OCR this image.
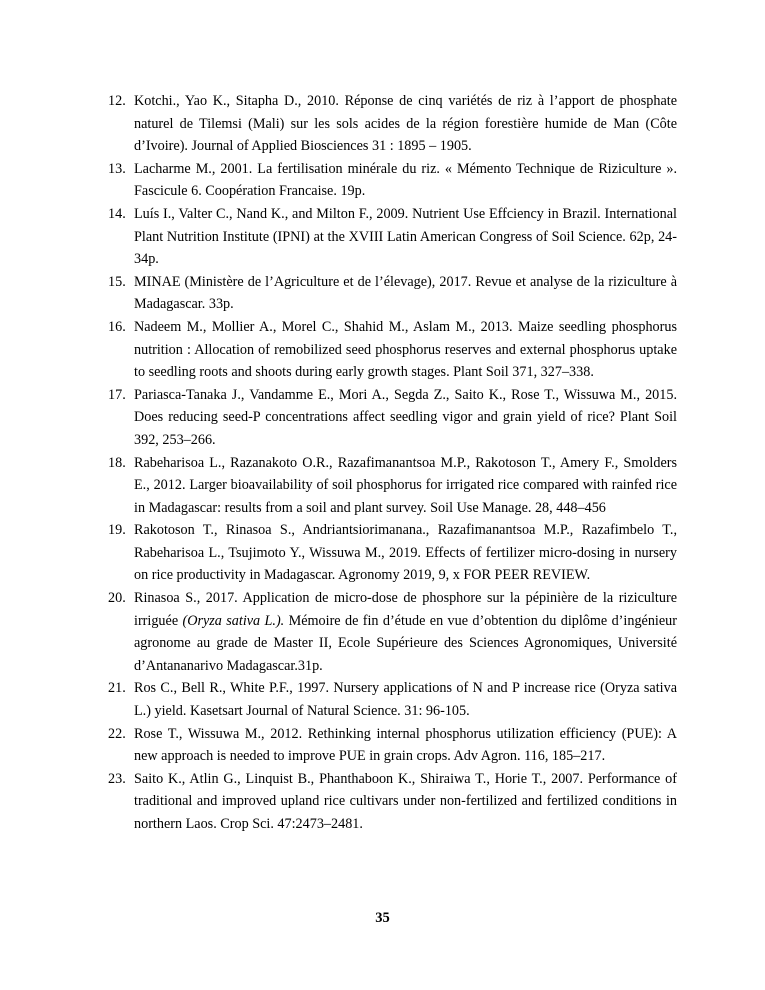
12. Kotchi., Yao K., Sitapha D., 2010. Réponse de cinq variétés de riz à l’apport de phosphate naturel de Tilemsi (Mali) sur les sols acides de la région forestière humide de Man (Côte d’Ivoire). Journal of Applied Biosciences 31 : 1895 – 1905.
13. Lacharme M., 2001. La fertilisation minérale du riz. « Mémento Technique de Riziculture ». Fascicule 6. Coopération Francaise. 19p.
14. Luís I., Valter C., Nand K., and Milton F., 2009. Nutrient Use Effciency in Brazil. International Plant Nutrition Institute (IPNI) at the XVIII Latin American Congress of Soil Science. 62p, 24- 34p.
15. MINAE (Ministère de l’Agriculture et de l’élevage), 2017. Revue et analyse de la riziculture à Madagascar. 33p.
16. Nadeem M., Mollier A., Morel C., Shahid M., Aslam M., 2013. Maize seedling phosphorus nutrition : Allocation of remobilized seed phosphorus reserves and external phosphorus uptake to seedling roots and shoots during early growth stages. Plant Soil 371, 327–338.
17. Pariasca-Tanaka J., Vandamme E., Mori A., Segda Z., Saito K., Rose T., Wissuwa M., 2015. Does reducing seed-P concentrations affect seedling vigor and grain yield of rice? Plant Soil 392, 253–266.
18. Rabeharisoa L., Razanakoto O.R., Razafimanantsoa M.P., Rakotoson T., Amery F., Smolders E., 2012. Larger bioavailability of soil phosphorus for irrigated rice compared with rainfed rice in Madagascar: results from a soil and plant survey. Soil Use Manage. 28, 448–456
19. Rakotoson T., Rinasoa S., Andriantsiorimanana., Razafimanantsoa M.P., Razafimbelo T., Rabeharisoa L., Tsujimoto Y., Wissuwa M., 2019. Effects of fertilizer micro-dosing in nursery on rice productivity in Madagascar. Agronomy 2019, 9, x FOR PEER REVIEW.
20. Rinasoa S., 2017. Application de micro-dose de phosphore sur la pépinière de la riziculture irriguée (Oryza sativa L.). Mémoire de fin d’étude en vue d’obtention du diplôme d’ingénieur agronome au grade de Master II, Ecole Supérieure des Sciences Agronomiques, Université d’Antananarivo Madagascar.31p.
21. Ros C., Bell R., White P.F., 1997. Nursery applications of N and P increase rice (Oryza sativa L.) yield. Kasetsart Journal of Natural Science. 31: 96-105.
22. Rose T., Wissuwa M., 2012. Rethinking internal phosphorus utilization efficiency (PUE): A new approach is needed to improve PUE in grain crops. Adv Agron. 116, 185–217.
23. Saito K., Atlin G., Linquist B., Phanthaboon K., Shiraiwa T., Horie T., 2007. Performance of traditional and improved upland rice cultivars under non-fertilized and fertilized conditions in northern Laos. Crop Sci. 47:2473–2481.
35
